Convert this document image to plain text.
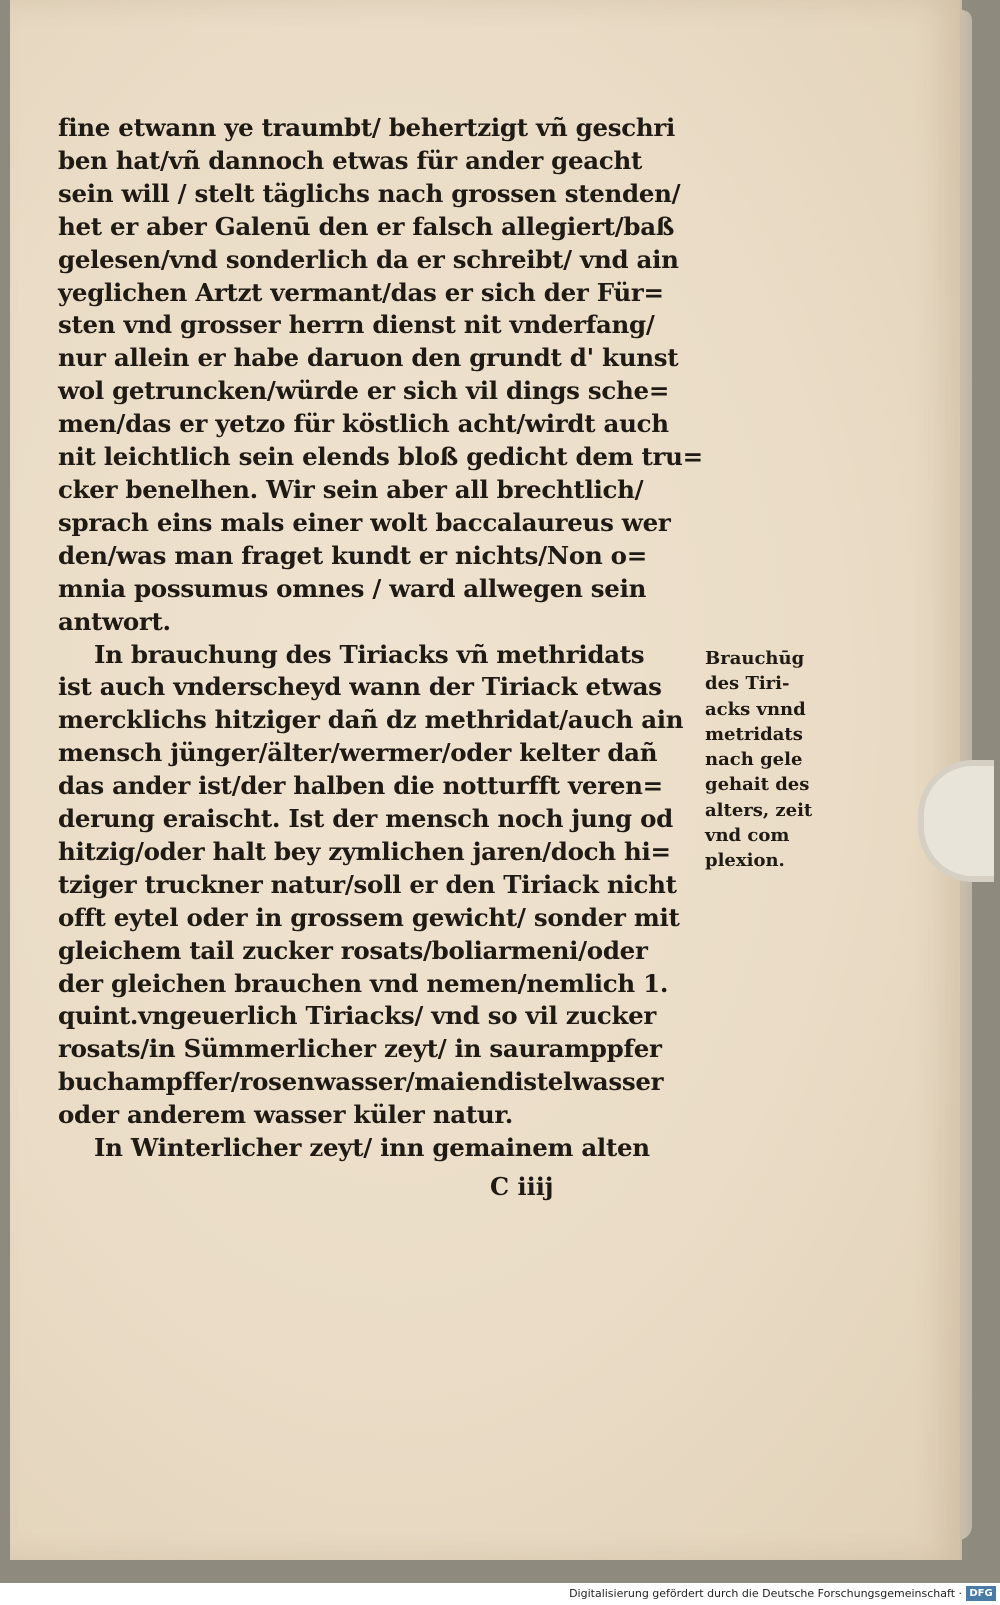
fine etwann ye traumbt/ behertzigt vñ geschri
ben hat/vñ dannoch etwas für ander geacht
sein will / stelt täglichs nach grossen stenden/
het er aber Galenū den er falsch allegiert/baß
gelesen/vnd sonderlich da er schreibt/ vnd ain
yeglichen Artzt vermant/das er sich der Für=
sten vnd grosser herrn dienst nit vnderfang/
nur allein er habe daruon den grundt d' kunst
wol getruncken/würde er sich vil dings sche=
men/das er yetzo für köstlich acht/wirdt auch
nit leichtlich sein elends bloß gedicht dem tru=
cker benelhen. Wir sein aber all brechtlich/
sprach eins mals einer wolt baccalaureus wer
den/was man fraget kundt er nichts/Non o=
mnia possumus omnes / ward allwegen sein
antwort.
In brauchung des Tiriacks vñ methridats
ist auch vnderscheyd wann der Tiriack etwas
mercklichs hitziger dañ dz methridat/auch ain
mensch jünger/älter/wermer/oder kelter dañ
das ander ist/der halben die notturfft veren=
derung eraischt. Ist der mensch noch jung od
hitzig/oder halt bey zymlichen jaren/doch hi=
tziger truckner natur/soll er den Tiriack nicht
offt eytel oder in grossem gewicht/ sonder mit
gleichem tail zucker rosats/boliarmeni/oder
der gleichen brauchen vnd nemen/nemlich 1.
quint.vngeuerlich Tiriacks/ vnd so vil zucker
rosats/in Sümmerlicher zeyt/ in sauramppfer
buchampffer/rosenwasser/maiendistelwasser
oder anderem wasser küler natur.
In Winterlicher zeyt/ inn gemainem alten
C iiij
Brauchūg
des Tiri-
acks vnnd
metridats
nach gele
gehait des
alters, zeit
vnd com
plexion.
Digitalisierung gefördert durch die Deutsche Forschungsgemeinschaft · DFG
